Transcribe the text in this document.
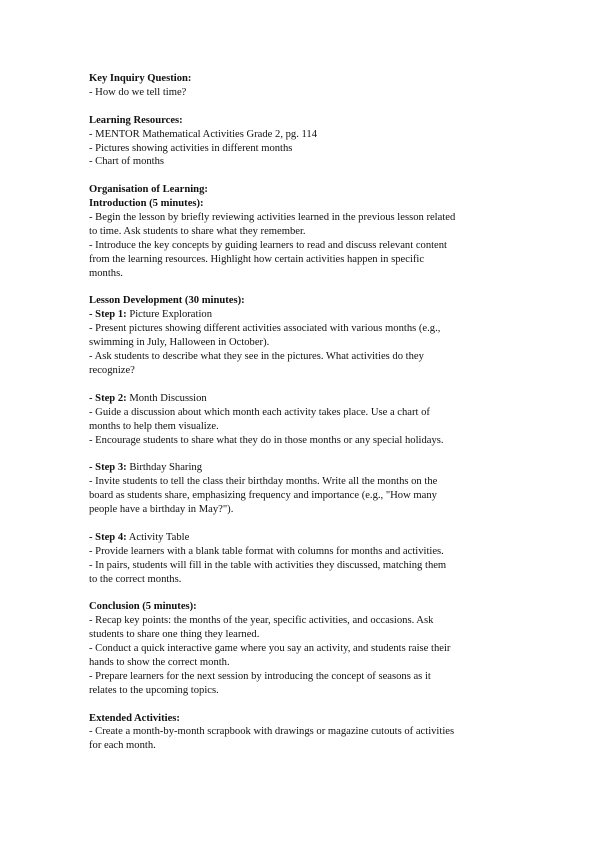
Key Inquiry Question:
- How do we tell time?
Learning Resources:
- MENTOR Mathematical Activities Grade 2, pg. 114
- Pictures showing activities in different months
- Chart of months
Organisation of Learning:
Introduction (5 minutes):
- Begin the lesson by briefly reviewing activities learned in the previous lesson related
to time. Ask students to share what they remember.
- Introduce the key concepts by guiding learners to read and discuss relevant content
from the learning resources. Highlight how certain activities happen in specific
months.
Lesson Development (30 minutes):
- Step 1: Picture Exploration
- Present pictures showing different activities associated with various months (e.g.,
swimming in July, Halloween in October).
- Ask students to describe what they see in the pictures. What activities do they
recognize?
- Step 2: Month Discussion
- Guide a discussion about which month each activity takes place. Use a chart of
months to help them visualize.
- Encourage students to share what they do in those months or any special holidays.
- Step 3: Birthday Sharing
- Invite students to tell the class their birthday months. Write all the months on the
board as students share, emphasizing frequency and importance (e.g., "How many
people have a birthday in May?").
- Step 4: Activity Table
- Provide learners with a blank table format with columns for months and activities.
- In pairs, students will fill in the table with activities they discussed, matching them
to the correct months.
Conclusion (5 minutes):
- Recap key points: the months of the year, specific activities, and occasions. Ask
students to share one thing they learned.
- Conduct a quick interactive game where you say an activity, and students raise their
hands to show the correct month.
- Prepare learners for the next session by introducing the concept of seasons as it
relates to the upcoming topics.
Extended Activities:
- Create a month-by-month scrapbook with drawings or magazine cutouts of activities
for each month.
